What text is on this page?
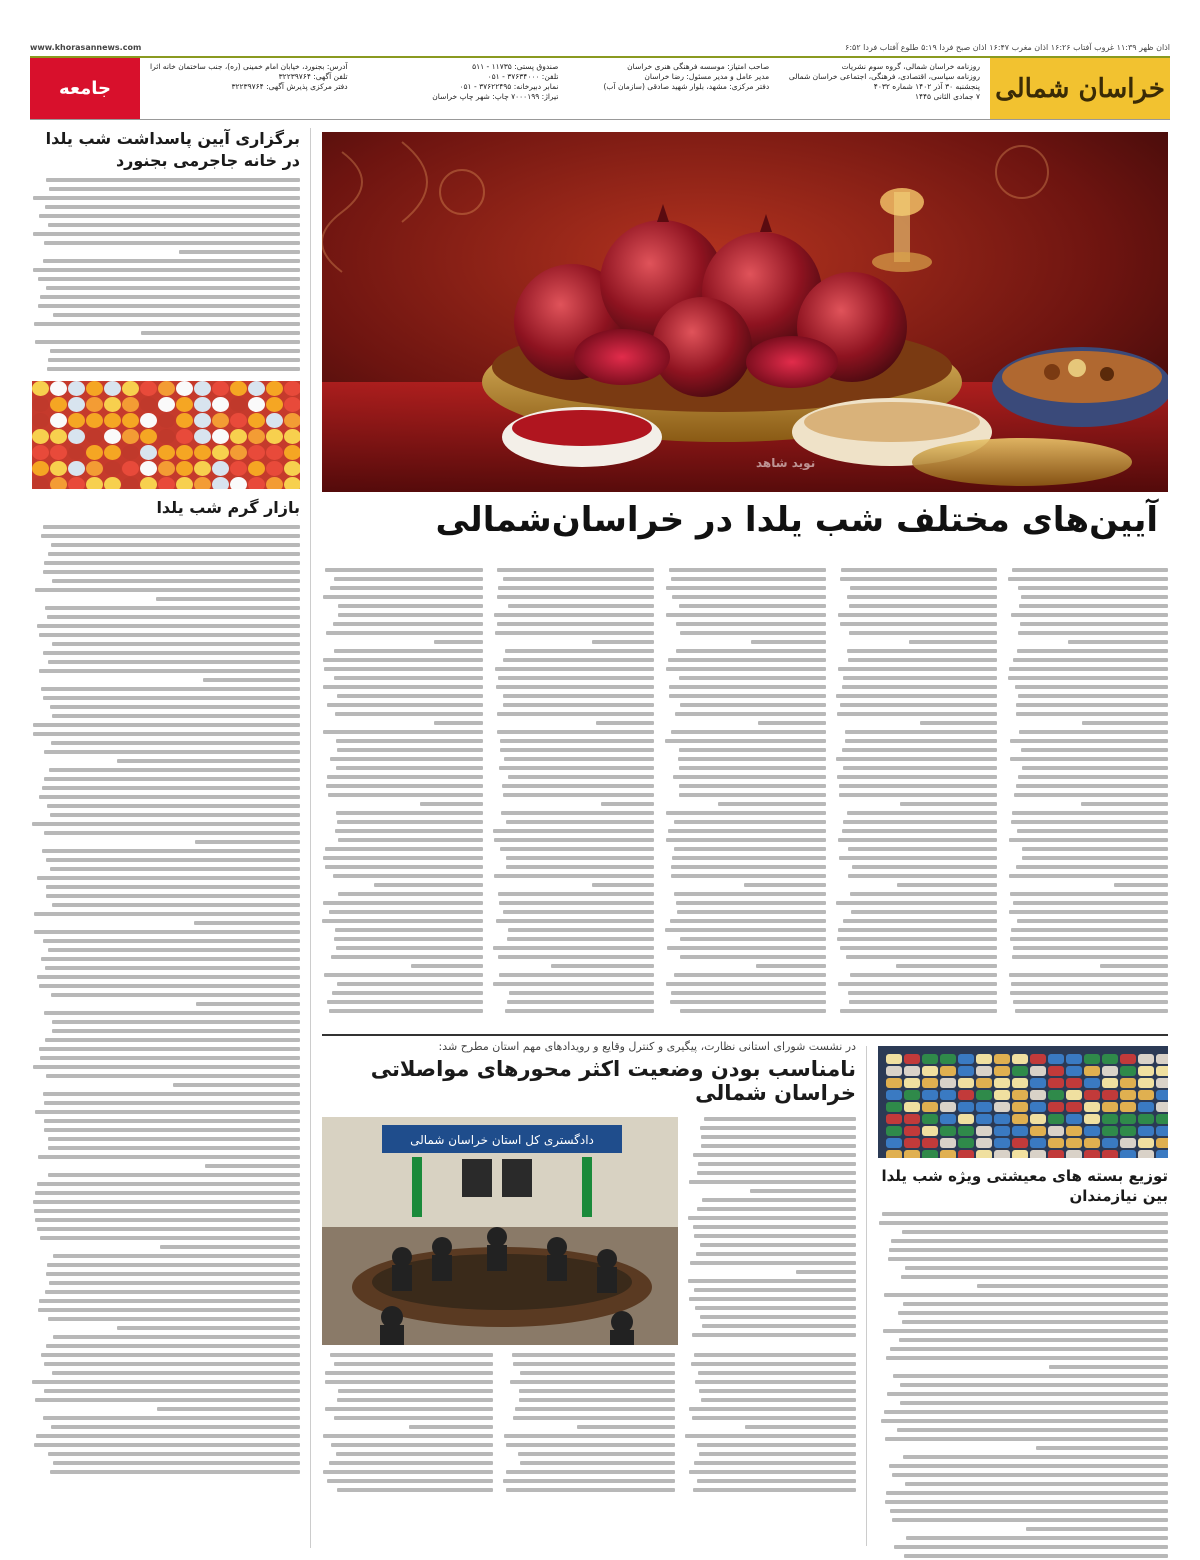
اذان ظهر ۱۱:۳۹ غروب آفتاب ۱۶:۲۶ اذان مغرب ۱۶:۴۷ اذان صبح فردا ۵:۱۹ طلوع آفتاب فردا ۶:۵۲
www.khorasannews.com
خراسان شمالی

روزنامه خراسان شمالی، گروه سوم نشریات

روزنامه سیاسی، اقتصادی، فرهنگی، اجتماعی خراسان شمالی

پنجشنبه ۳۰ آذر ۱۴۰۲ شماره ۴۰۳۲

۷ جمادی الثانی ۱۴۴۵

صاحب امتیاز: موسسه فرهنگی هنری خراسان

مدیر عامل و مدیر مسئول: رضا خراسان

دفتر مرکزی: مشهد، بلوار شهید صادقی (سازمان آب)

صندوق پستی: ۱۱۷۳۵ - ۵۱۱

تلفن: ۳۷۶۳۴۰۰۰ - ۰۵۱

نمابر دبیرخانه: ۳۷۶۲۲۴۹۵ - ۰۵۱

تیراژ: ۷۰۰۰۱۹۹ چاپ: شهر چاپ خراسان

آدرس: بجنورد، خیابان امام خمینی (ره)، جنب ساختمان خانه اثرا

تلفن آگهی: ۳۲۲۳۹۷۶۴

دفتر مرکزی پذیرش آگهی: ۳۲۲۳۹۷۶۴

جامعه
برگزاری آیین پاسداشت شب یلدا در خانه جاجرمی بجنورد
بازار گرم شب یلدا
نوید شاهد
آیین‌های مختلف شب یلدا در خراسان‌شمالی

در نشست شورای استانی نظارت، پیگیری و کنترل وقایع و رویدادهای مهم استان مطرح شد:

نامناسب بودن وضعیت اکثر محورهای مواصلاتی خراسان شمالی
دادگستری کل استان خراسان شمالی
توزیع بسته های معیشتی ویژه شب یلدا بین نیازمندان
